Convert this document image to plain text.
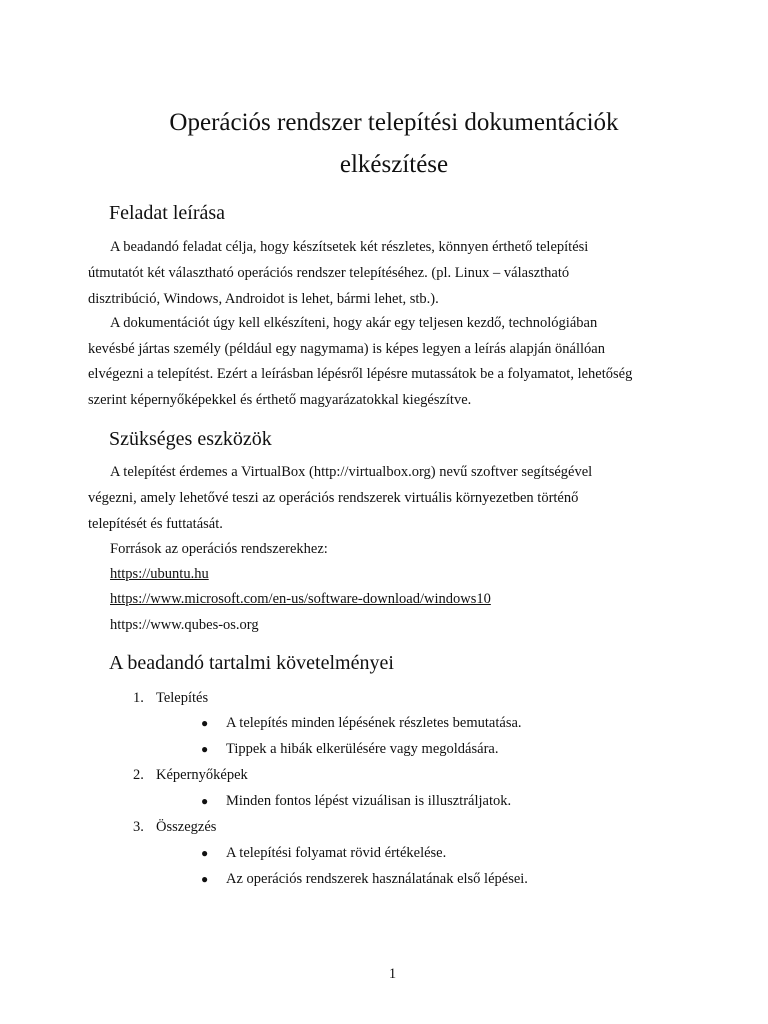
Operációs rendszer telepítési dokumentációk
elkészítése
Feladat leírása
A beadandó feladat célja, hogy készítsetek két részletes, könnyen érthető telepítési
útmutatót két választható operációs rendszer telepítéséhez. (pl. Linux – választható
disztribúció, Windows, Androidot is lehet, bármi lehet, stb.).
A dokumentációt úgy kell elkészíteni, hogy akár egy teljesen kezdő, technológiában
kevésbé jártas személy (például egy nagymama) is képes legyen a leírás alapján önállóan
elvégezni a telepítést. Ezért a leírásban lépésről lépésre mutassátok be a folyamatot, lehetőség
szerint képernyőképekkel és érthető magyarázatokkal kiegészítve.
Szükséges eszközök
A telepítést érdemes a VirtualBox (http://virtualbox.org) nevű szoftver segítségével
végezni, amely lehetővé teszi az operációs rendszerek virtuális környezetben történő
telepítését és futtatását.
Források az operációs rendszerekhez:
https://ubuntu.hu
https://www.microsoft.com/en-us/software-download/windows10
https://www.qubes-os.org
A beadandó tartalmi követelményei
1. Telepítés
● A telepítés minden lépésének részletes bemutatása.
● Tippek a hibák elkerülésére vagy megoldására.
2. Képernyőképek
● Minden fontos lépést vizuálisan is illusztráljatok.
3. Összegzés
● A telepítési folyamat rövid értékelése.
● Az operációs rendszerek használatának első lépései.
1
